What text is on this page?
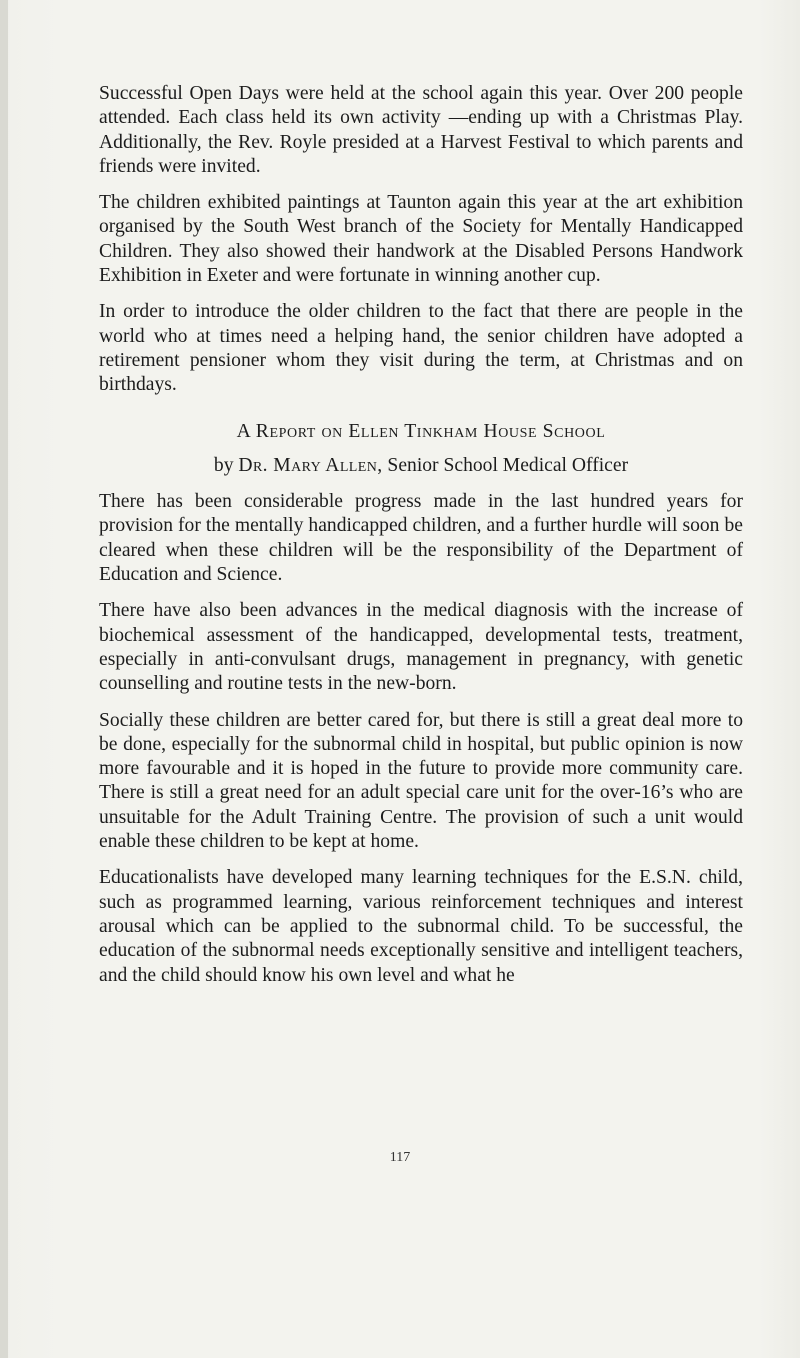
Successful Open Days were held at the school again this year. Over 200 people attended. Each class held its own activity —ending up with a Christmas Play. Additionally, the Rev. Royle presided at a Harvest Festival to which parents and friends were invited.

The children exhibited paintings at Taunton again this year at the art exhibition organised by the South West branch of the Society for Mentally Handicapped Children. They also showed their handwork at the Disabled Persons Handwork Exhibition in Exeter and were fortunate in winning another cup.

In order to introduce the older children to the fact that there are people in the world who at times need a helping hand, the senior children have adopted a retirement pensioner whom they visit during the term, at Christmas and on birthdays.

A Report on Ellen Tinkham House School

by Dr. Mary Allen, Senior School Medical Officer

There has been considerable progress made in the last hundred years for provision for the mentally handicapped children, and a further hurdle will soon be cleared when these children will be the responsibility of the Department of Education and Science.

There have also been advances in the medical diagnosis with the increase of biochemical assessment of the handicapped, developmental tests, treatment, especially in anti-convulsant drugs, management in pregnancy, with genetic counselling and routine tests in the new-born.

Socially these children are better cared for, but there is still a great deal more to be done, especially for the subnormal child in hospital, but public opinion is now more favourable and it is hoped in the future to provide more community care. There is still a great need for an adult special care unit for the over-16’s who are unsuitable for the Adult Training Centre. The provision of such a unit would enable these children to be kept at home.

Educationalists have developed many learning techniques for the E.S.N. child, such as programmed learning, various reinforcement techniques and interest arousal which can be applied to the subnormal child. To be successful, the education of the subnormal needs exceptionally sensitive and intelligent teachers, and the child should know his own level and what he

117
